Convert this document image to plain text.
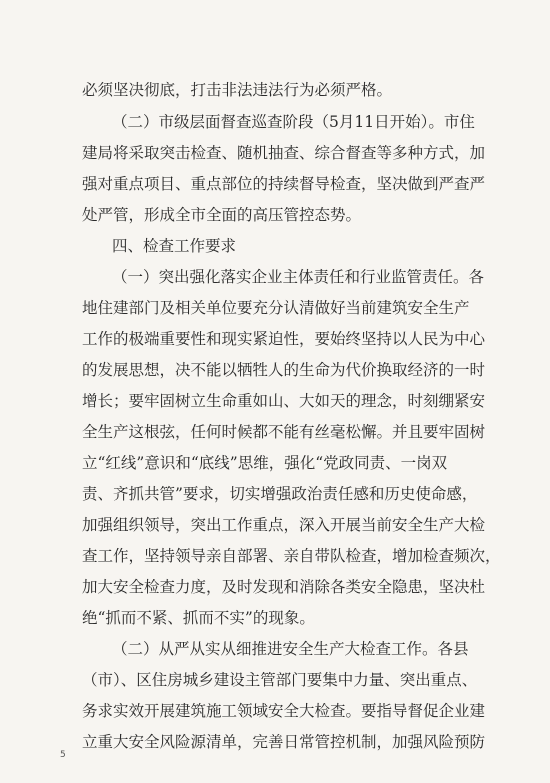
必须坚决彻底，打击非法违法行为必须严格。
（二）市级层面督查巡查阶段（5月11日开始）。市住
建局将采取突击检查、随机抽查、综合督查等多种方式，加
强对重点项目、重点部位的持续督导检查，坚决做到严查严
处严管，形成全市全面的高压管控态势。
四、检查工作要求
（一）突出强化落实企业主体责任和行业监管责任。各
地住建部门及相关单位要充分认清做好当前建筑安全生产
工作的极端重要性和现实紧迫性，要始终坚持以人民为中心
的发展思想，决不能以牺牲人的生命为代价换取经济的一时
增长；要牢固树立生命重如山、大如天的理念，时刻绷紧安
全生产这根弦，任何时候都不能有丝毫松懈。并且要牢固树
立“红线”意识和“底线”思维，强化“党政同责、一岗双
责、齐抓共管”要求，切实增强政治责任感和历史使命感，
加强组织领导，突出工作重点，深入开展当前安全生产大检
查工作，坚持领导亲自部署、亲自带队检查，增加检查频次，
加大安全检查力度，及时发现和消除各类安全隐患，坚决杜
绝“抓而不紧、抓而不实”的现象。
（二）从严从实从细推进安全生产大检查工作。各县
（市）、区住房城乡建设主管部门要集中力量、突出重点、
务求实效开展建筑施工领域安全大检查。要指导督促企业建
立重大安全风险源清单，完善日常管控机制，加强风险预防
5
